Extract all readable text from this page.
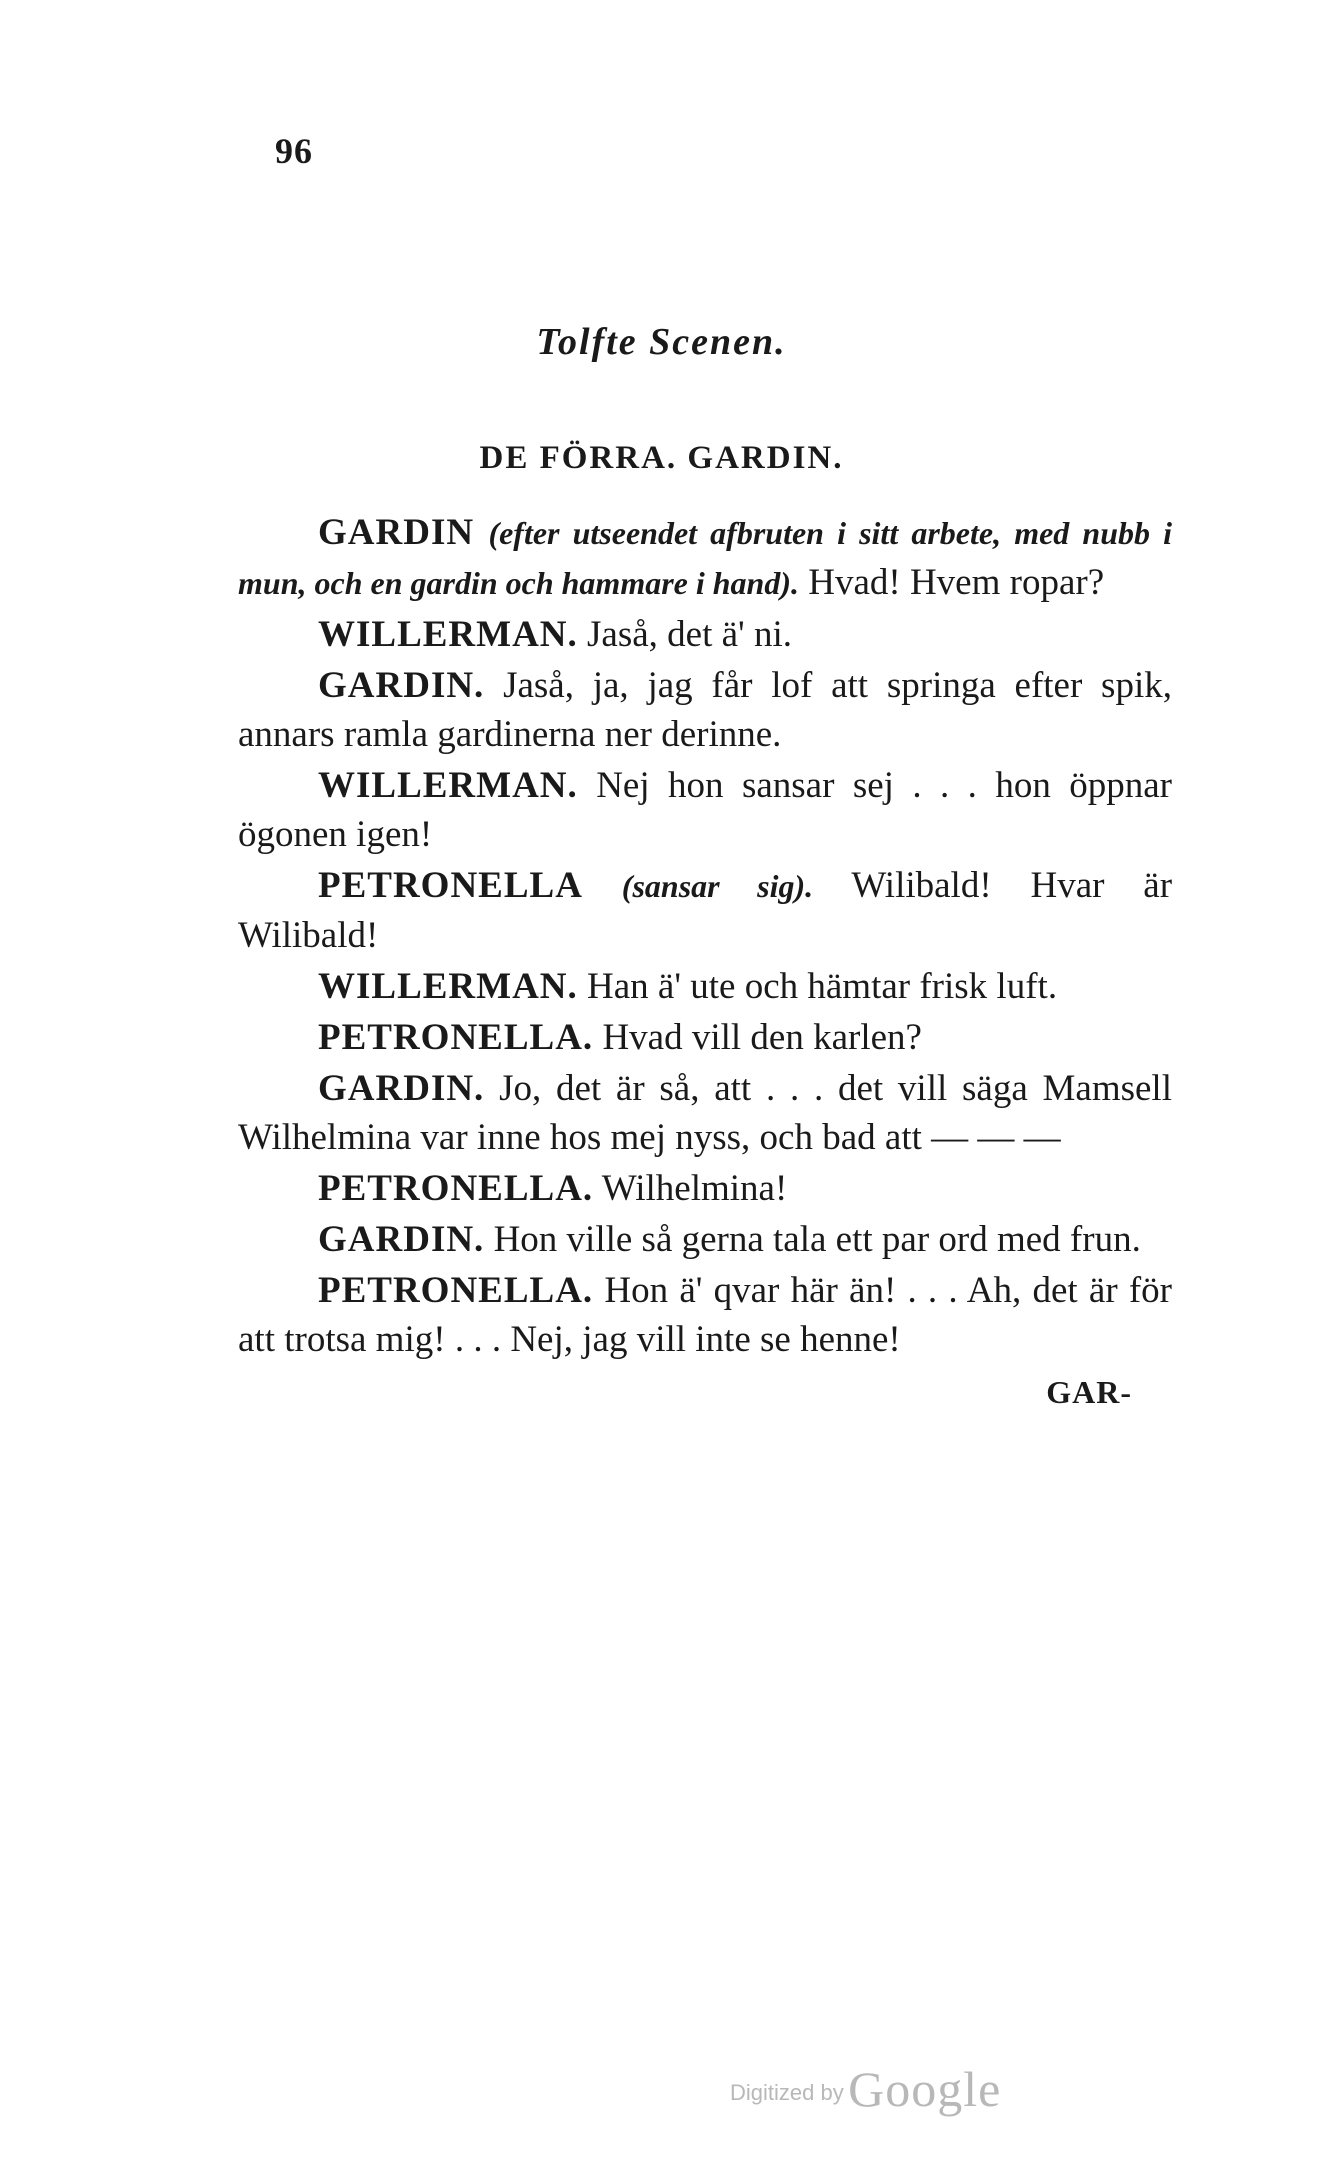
96
Tolfte Scenen.
DE FÖRRA. GARDIN.

GARDIN (efter utseendet afbruten i sitt arbete, med nubb i mun, och en gardin och hammare i hand). Hvad! Hvem ropar?

WILLERMAN. Jaså, det ä' ni.

GARDIN. Jaså, ja, jag får lof att springa efter spik, annars ramla gardinerna ner derinne.

WILLERMAN. Nej hon sansar sej . . . hon öppnar ögonen igen!

PETRONELLA (sansar sig). Wilibald! Hvar är Wilibald!

WILLERMAN. Han ä' ute och hämtar frisk luft.

PETRONELLA. Hvad vill den karlen?

GARDIN. Jo, det är så, att . . . det vill säga Mamsell Wilhelmina var inne hos mej nyss, och bad att — — —

PETRONELLA. Wilhelmina!

GARDIN. Hon ville så gerna tala ett par ord med frun.

PETRONELLA. Hon ä' qvar här än! . . . Ah, det är för att trotsa mig! . . . Nej, jag vill inte se henne!

GAR-
Digitized by Google
